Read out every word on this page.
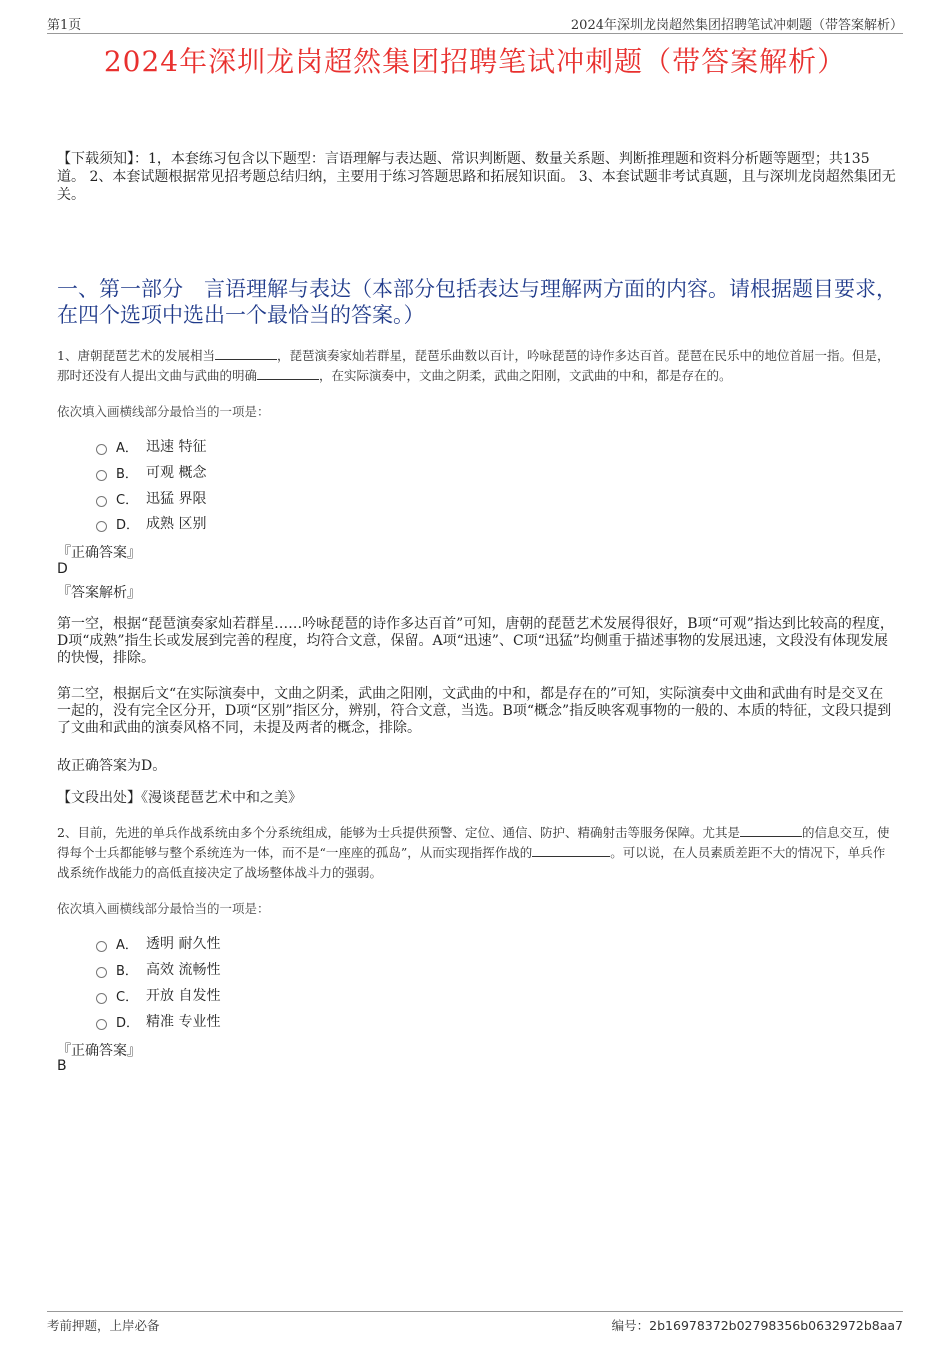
第1页	2024年深圳龙岗超然集团招聘笔试冲刺题（带答案解析）
2024年深圳龙岗超然集团招聘笔试冲刺题（带答案解析）
【下载须知】：1，本套练习包含以下题型：言语理解与表达题、常识判断题、数量关系题、判断推理题和资料分析题等题型；共135道。 2、本套试题根据常见招考题总结归纳，主要用于练习答题思路和拓展知识面。 3、本套试题非考试真题，且与深圳龙岗超然集团无关。
一、第一部分　言语理解与表达（本部分包括表达与理解两方面的内容。请根据题目要求，在四个选项中选出一个最恰当的答案。）
1、唐朝琵琶艺术的发展相当	，琵琶演奏家灿若群星，琵琶乐曲数以百计，吟咏琵琶的诗作多达百首。琵琶在民乐中的地位首屈一指。但是，那时还没有人提出文曲与武曲的明确	，在实际演奏中，文曲之阴柔，武曲之阳刚，文武曲的中和，都是存在的。
依次填入画横线部分最恰当的一项是：
A． 迅速 特征
B． 可观 概念
C． 迅猛 界限
D． 成熟 区别
『正确答案』
D
『答案解析』
第一空，根据“琵琶演奏家灿若群星……吟咏琵琶的诗作多达百首”可知，唐朝的琵琶艺术发展得很好，B项“可观”指达到比较高的程度，D项“成熟”指生长或发展到完善的程度，均符合文意，保留。A项“迅速”、C项“迅猛”均侧重于描述事物的发展迅速，文段没有体现发展的快慢，排除。
第二空，根据后文“在实际演奏中，文曲之阴柔，武曲之阳刚，文武曲的中和，都是存在的”可知，实际演奏中文曲和武曲有时是交叉在一起的，没有完全区分开，D项“区别”指区分，辨别，符合文意，当选。B项“概念”指反映客观事物的一般的、本质的特征，文段只提到了文曲和武曲的演奏风格不同，未提及两者的概念，排除。
故正确答案为D。
【文段出处】《漫谈琵琶艺术中和之美》
2、目前，先进的单兵作战系统由多个分系统组成，能够为士兵提供预警、定位、通信、防护、精确射击等服务保障。尤其是	的信息交互，使得每个士兵都能够与整个系统连为一体，而不是“一座座的孤岛”，从而实现指挥作战的	。可以说，在人员素质差距不大的情况下，单兵作战系统作战能力的高低直接决定了战场整体战斗力的强弱。
依次填入画横线部分最恰当的一项是：
A． 透明 耐久性
B． 高效 流畅性
C． 开放 自发性
D． 精准 专业性
『正确答案』
B
考前押题，上岸必备	编号：2b16978372b02798356b0632972b8aa7
